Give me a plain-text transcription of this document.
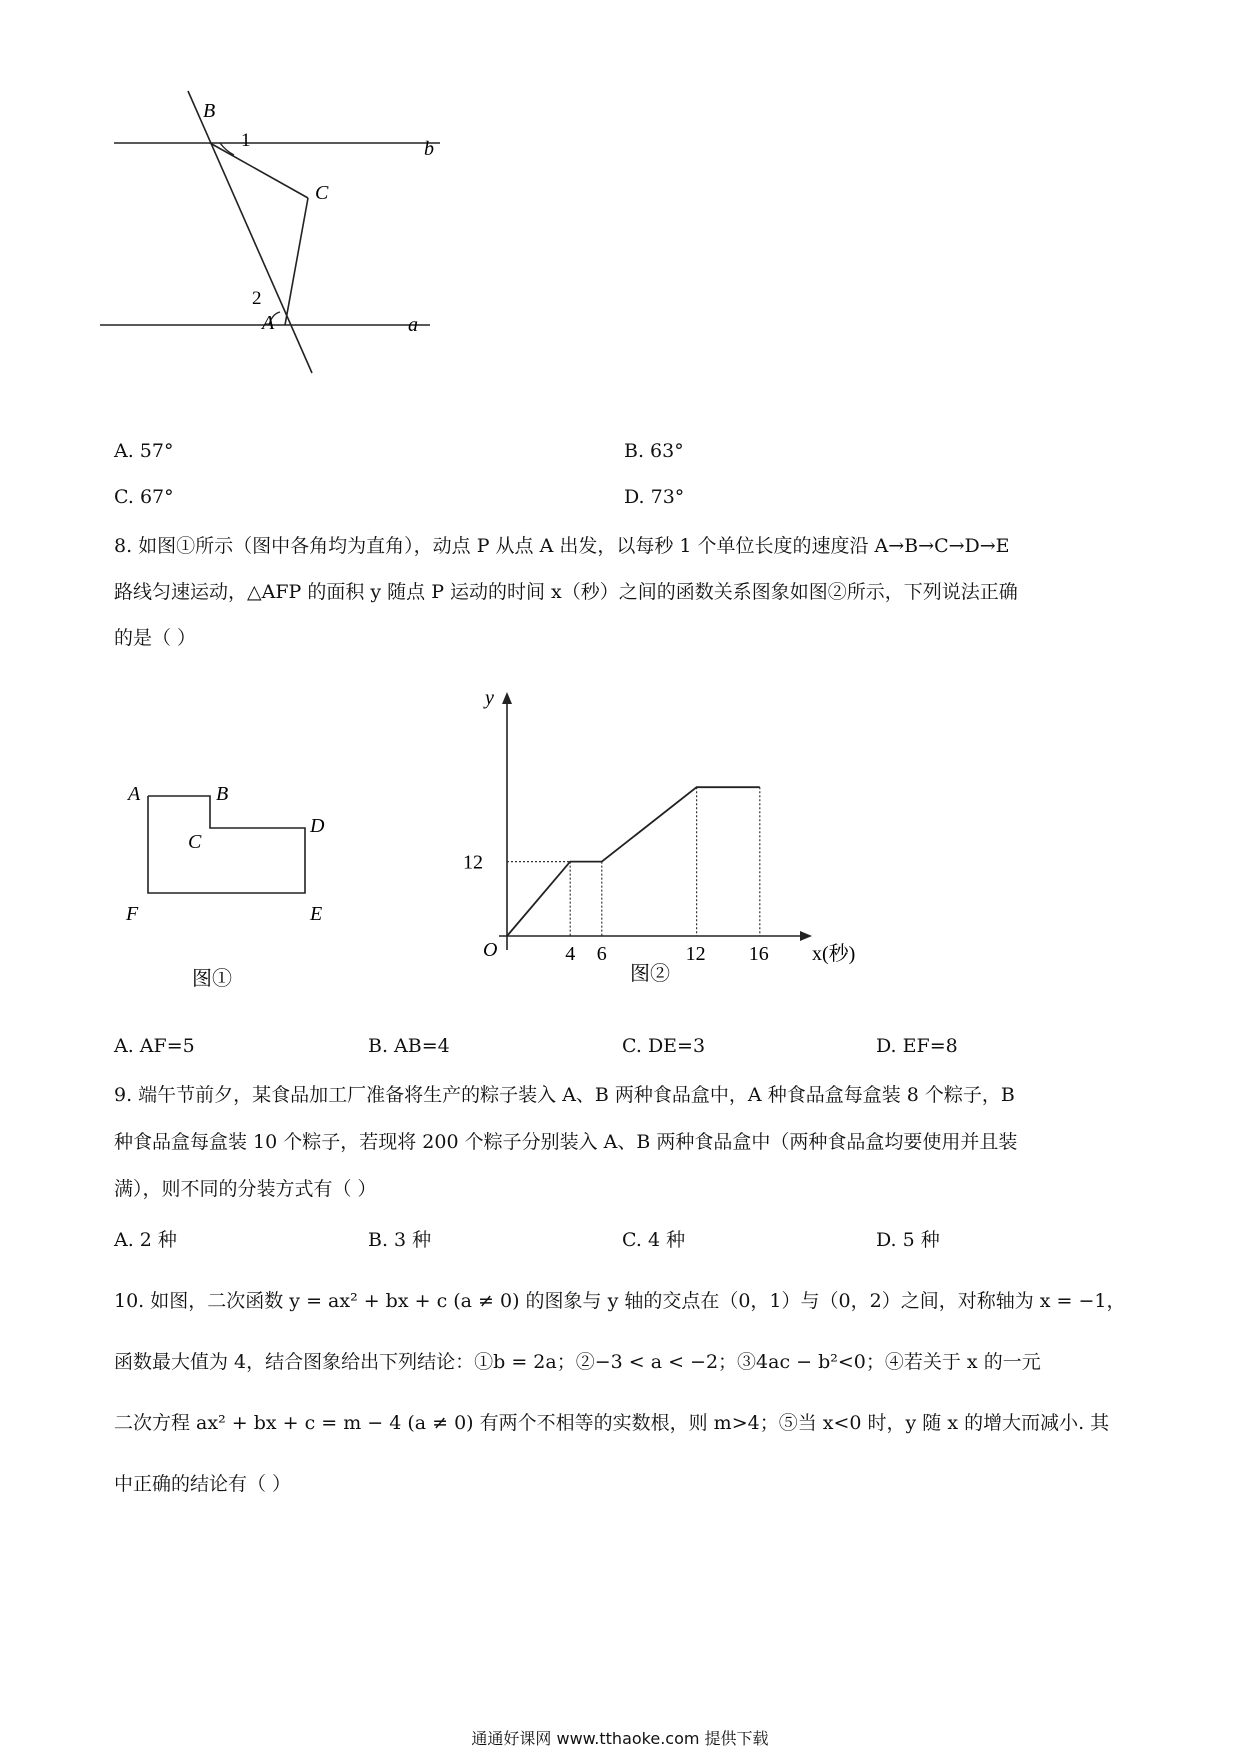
B
1	b
C
2
A	a
A. 57°	B. 63°
C. 67°	D. 73°
8. 如图①所示（图中各角均为直角），动点 P 从点 A 出发，以每秒 1 个单位长度的速度沿 A→B→C→D→E
路线匀速运动，△AFP 的面积 y 随点 P 运动的时间 x（秒）之间的函数关系图象如图②所示，下列说法正确
的是（ ）
A	B
C
D
F	E
图①
y
O
12
4 6	12 16 x(秒)
图②
A. AF=5	B. AB=4	C. DE=3	D. EF=8
9. 端午节前夕，某食品加工厂准备将生产的粽子装入 A、B 两种食品盒中，A 种食品盒每盒装 8 个粽子，B
种食品盒每盒装 10 个粽子，若现将 200 个粽子分别装入 A、B 两种食品盒中（两种食品盒均要使用并且装
满），则不同的分装方式有（ ）
A. 2 种	B. 3 种	C. 4 种	D. 5 种
10. 如图，二次函数 y = ax² + bx + c (a ≠ 0) 的图象与 y 轴的交点在（0，1）与（0，2）之间，对称轴为 x = −1，
函数最大值为 4，结合图象给出下列结论：①b = 2a；②−3 < a < −2；③4ac − b²<0；④若关于 x 的一元
二次方程 ax² + bx + c = m − 4 (a ≠ 0) 有两个不相等的实数根，则 m>4；⑤当 x<0 时，y 随 x 的增大而减小. 其
中正确的结论有（ ）
通通好课网 www.tthaoke.com 提供下载
